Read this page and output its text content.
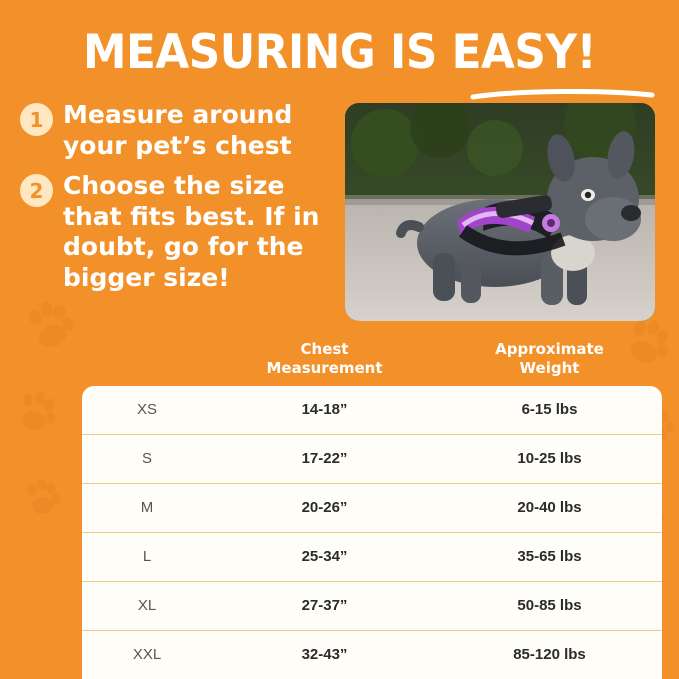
MEASURING IS EASY!
1 Measure around your pet’s chest
2 Choose the size that fits best. If in doubt, go for the bigger size!
Chest
Measurement
Approximate
Weight
XS	14-18”	6-15 lbs
S	17-22”	10-25 lbs
M	20-26”	20-40 lbs
L	25-34”	35-65 lbs
XL	27-37”	50-85 lbs
XXL	32-43”	85-120 lbs
